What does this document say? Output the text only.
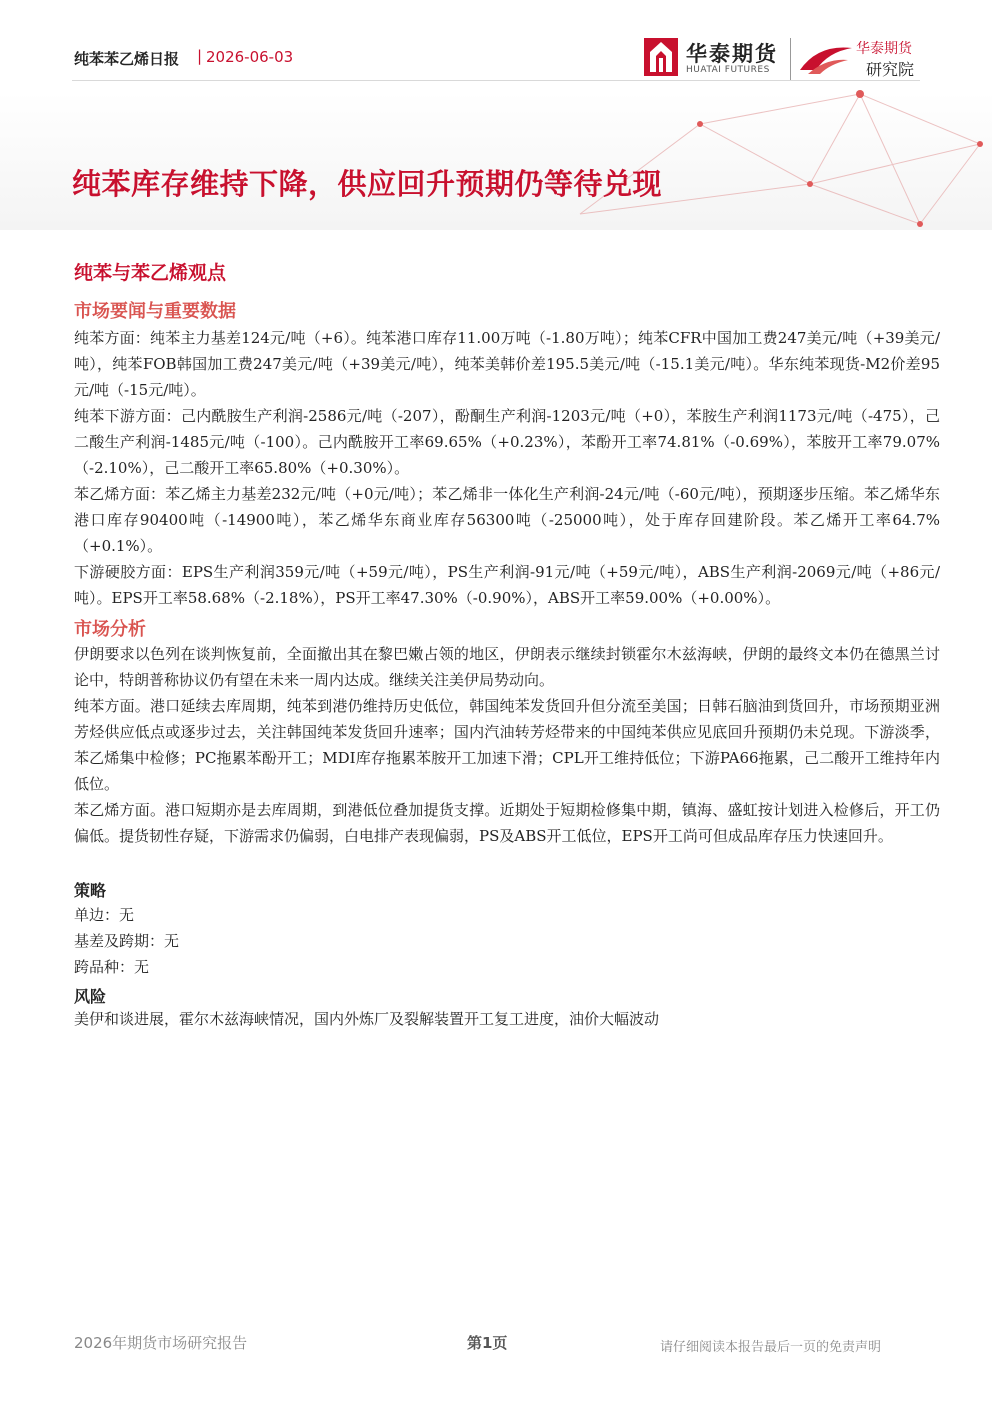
纯苯苯乙烯日报 | 2026-06-03	华泰期货
HUATAI FUTURES
华泰期货
研究院
纯苯库存维持下降，供应回升预期仍等待兑现
纯苯与苯乙烯观点
市场要闻与重要数据

纯苯方面：纯苯主力基差124元/吨（+6）。纯苯港口库存11.00万吨（-1.80万吨）；纯苯CFR中国加工费247美元/吨（+39美元/吨），纯苯FOB韩国加工费247美元/吨（+39美元/吨），纯苯美韩价差195.5美元/吨（-15.1美元/吨）。华东纯苯现货-M2价差95元/吨（-15元/吨）。

纯苯下游方面：己内酰胺生产利润-2586元/吨（-207），酚酮生产利润-1203元/吨（+0），苯胺生产利润1173元/吨（-475），己二酸生产利润-1485元/吨（-100）。己内酰胺开工率69.65%（+0.23%），苯酚开工率74.81%（-0.69%），苯胺开工率79.07%（-2.10%），己二酸开工率65.80%（+0.30%）。

苯乙烯方面：苯乙烯主力基差232元/吨（+0元/吨）；苯乙烯非一体化生产利润-24元/吨（-60元/吨），预期逐步压缩。苯乙烯华东港口库存90400吨（-14900吨），苯乙烯华东商业库存56300吨（-25000吨），处于库存回建阶段。苯乙烯开工率64.7%（+0.1%）。

下游硬胶方面：EPS生产利润359元/吨（+59元/吨），PS生产利润-91元/吨（+59元/吨），ABS生产利润-2069元/吨（+86元/吨）。EPS开工率58.68%（-2.18%），PS开工率47.30%（-0.90%），ABS开工率59.00%（+0.00%）。

市场分析

伊朗要求以色列在谈判恢复前，全面撤出其在黎巴嫩占领的地区，伊朗表示继续封锁霍尔木兹海峡，伊朗的最终文本仍在德黑兰讨论中，特朗普称协议仍有望在未来一周内达成。继续关注美伊局势动向。

纯苯方面。港口延续去库周期，纯苯到港仍维持历史低位，韩国纯苯发货回升但分流至美国；日韩石脑油到货回升，市场预期亚洲芳烃供应低点或逐步过去，关注韩国纯苯发货回升速率；国内汽油转芳烃带来的中国纯苯供应见底回升预期仍未兑现。下游淡季，苯乙烯集中检修；PC拖累苯酚开工；MDI库存拖累苯胺开工加速下滑；CPL开工维持低位；下游PA66拖累，己二酸开工维持年内低位。

苯乙烯方面。港口短期亦是去库周期，到港低位叠加提货支撑。近期处于短期检修集中期，镇海、盛虹按计划进入检修后，开工仍偏低。提货韧性存疑，下游需求仍偏弱，白电排产表现偏弱，PS及ABS开工低位，EPS开工尚可但成品库存压力快速回升。

策略

单边：无

基差及跨期：无

跨品种：无

风险

美伊和谈进展，霍尔木兹海峡情况，国内外炼厂及裂解装置开工复工进度，油价大幅波动

2026年期货市场研究报告	第1页	请仔细阅读本报告最后一页的免责声明
